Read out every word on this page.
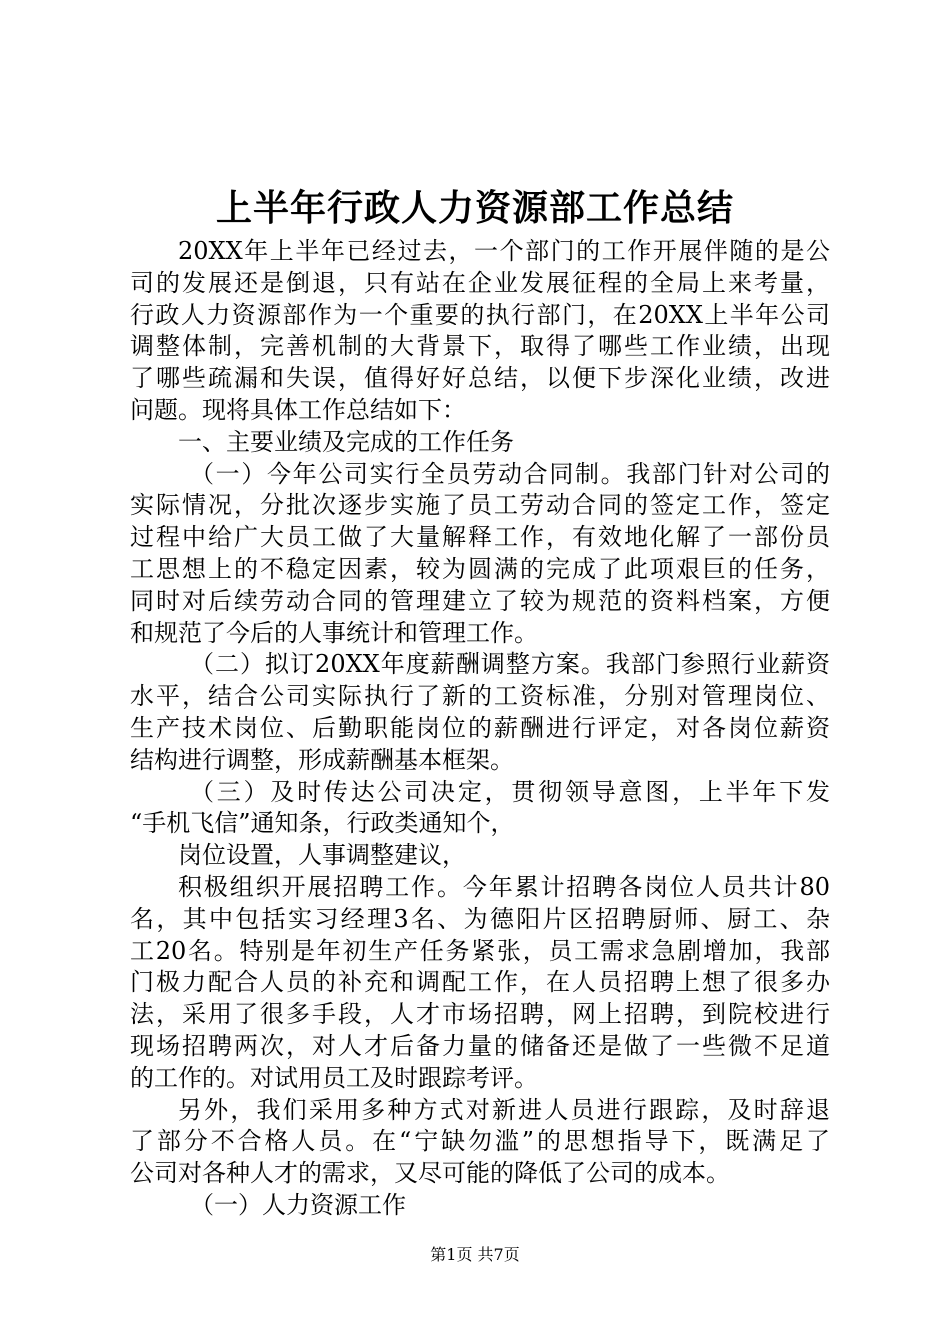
上半年行政人力资源部工作总结
20XX年上半年已经过去，一个部门的工作开展伴随的是公
司的发展还是倒退，只有站在企业发展征程的全局上来考量，
行政人力资源部作为一个重要的执行部门，在20XX上半年公司
调整体制，完善机制的大背景下，取得了哪些工作业绩，出现
了哪些疏漏和失误，值得好好总结，以便下步深化业绩，改进
问题。现将具体工作总结如下：
一、主要业绩及完成的工作任务
（一）今年公司实行全员劳动合同制。我部门针对公司的
实际情况，分批次逐步实施了员工劳动合同的签定工作，签定
过程中给广大员工做了大量解释工作，有效地化解了一部份员
工思想上的不稳定因素，较为圆满的完成了此项艰巨的任务，
同时对后续劳动合同的管理建立了较为规范的资料档案，方便
和规范了今后的人事统计和管理工作。
（二）拟订20XX年度薪酬调整方案。我部门参照行业薪资
水平，结合公司实际执行了新的工资标准，分别对管理岗位、
生产技术岗位、后勤职能岗位的薪酬进行评定，对各岗位薪资
结构进行调整，形成薪酬基本框架。
（三）及时传达公司决定，贯彻领导意图，上半年下发
“手机飞信”通知条，行政类通知个，
岗位设置，人事调整建议，
积极组织开展招聘工作。今年累计招聘各岗位人员共计80
名，其中包括实习经理3名、为德阳片区招聘厨师、厨工、杂
工20名。特别是年初生产任务紧张，员工需求急剧增加，我部
门极力配合人员的补充和调配工作，在人员招聘上想了很多办
法，采用了很多手段，人才市场招聘，网上招聘，到院校进行
现场招聘两次，对人才后备力量的储备还是做了一些微不足道
的工作的。对试用员工及时跟踪考评。
另外，我们采用多种方式对新进人员进行跟踪，及时辞退
了部分不合格人员。在“宁缺勿滥”的思想指导下，既满足了
公司对各种人才的需求，又尽可能的降低了公司的成本。
（一）人力资源工作
第1页 共7页
